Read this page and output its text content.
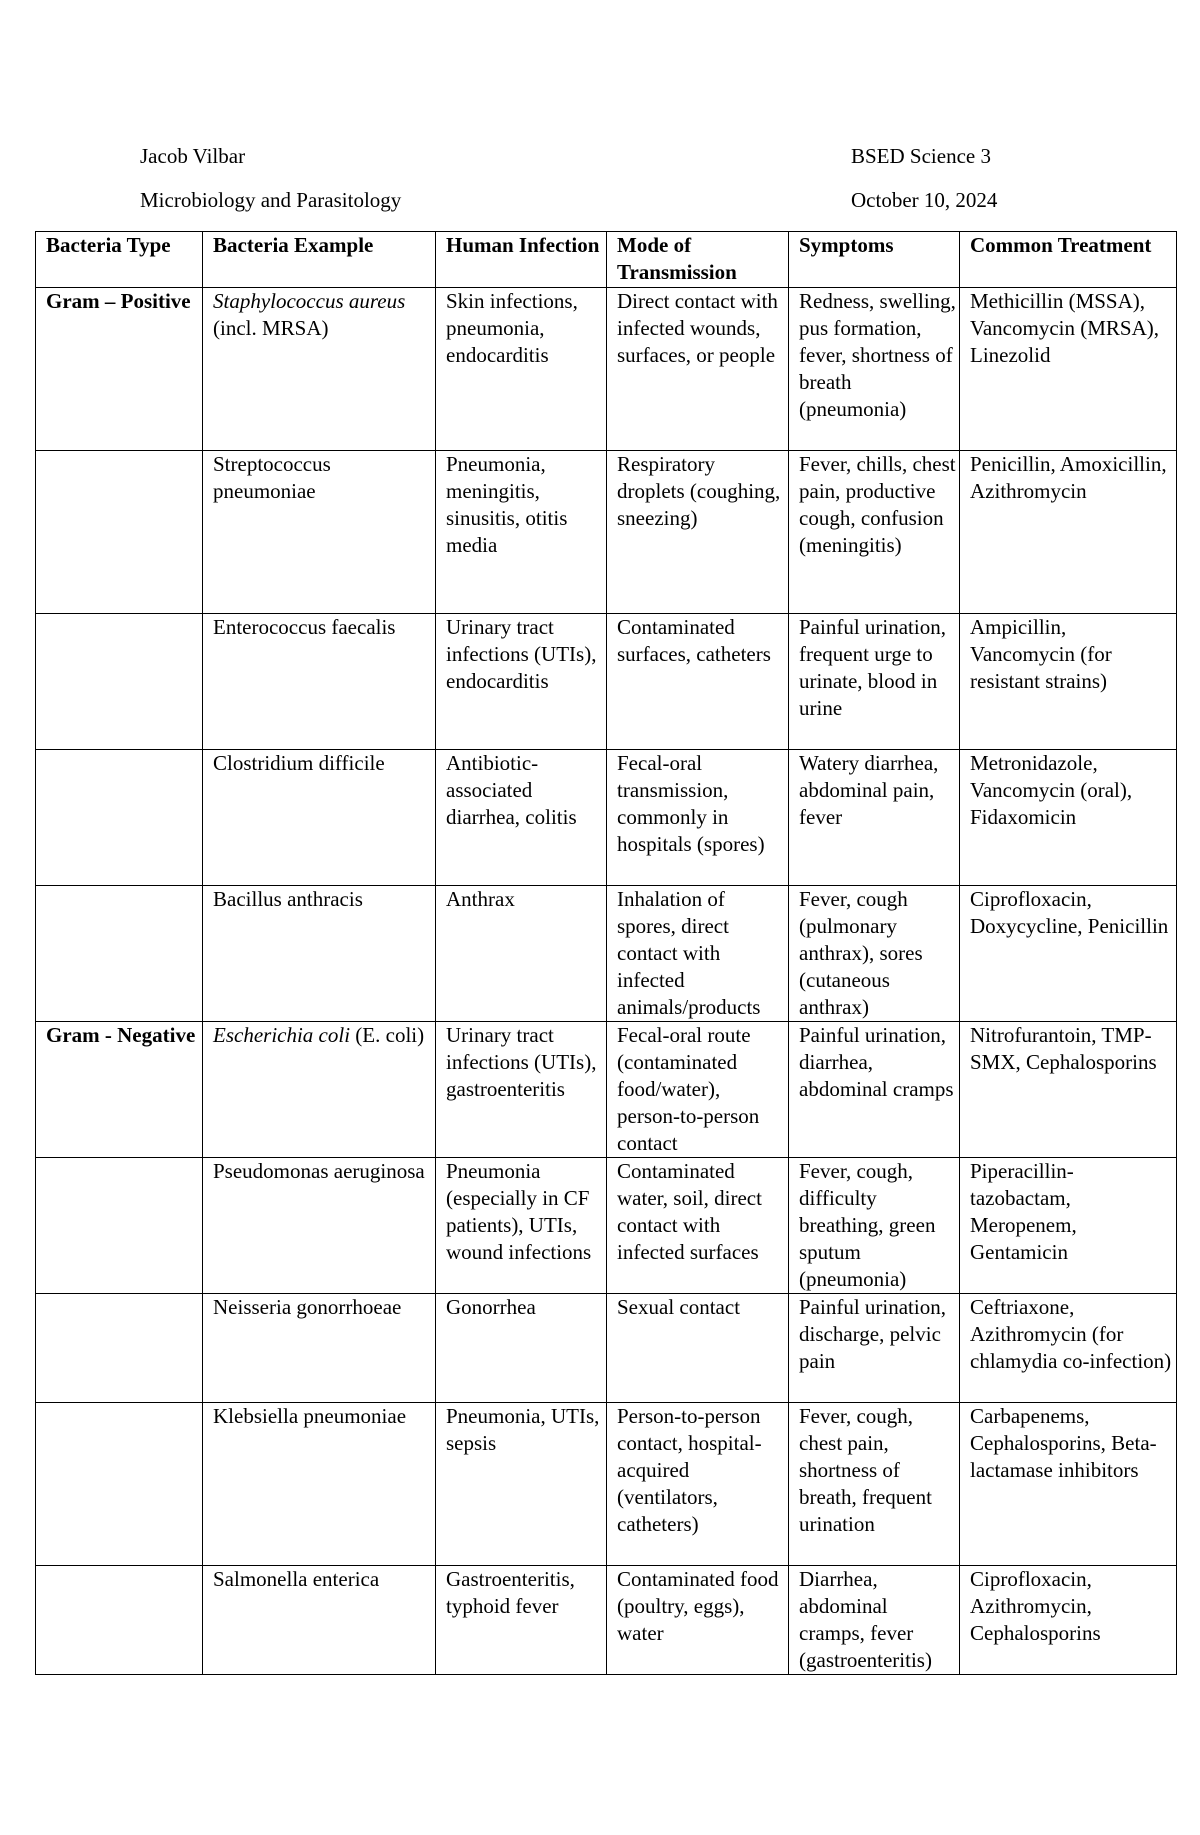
Jacob Vilbar	BSED Science 3
Microbiology and Parasitology	October 10, 2024
Bacteria Type	Bacteria Example	Human Infection	Mode of Transmission	Symptoms	Common Treatment
Gram – Positive	Staphylococcus aureus (incl. MRSA)	Skin infections, pneumonia, endocarditis	Direct contact with infected wounds, surfaces, or people	Redness, swelling, pus formation, fever, shortness of breath (pneumonia)	Methicillin (MSSA), Vancomycin (MRSA), Linezolid
	Streptococcus pneumoniae	Pneumonia, meningitis, sinusitis, otitis media	Respiratory droplets (coughing, sneezing)	Fever, chills, chest pain, productive cough, confusion (meningitis)	Penicillin, Amoxicillin, Azithromycin
	Enterococcus faecalis	Urinary tract infections (UTIs), endocarditis	Contaminated surfaces, catheters	Painful urination, frequent urge to urinate, blood in urine	Ampicillin, Vancomycin (for resistant strains)
	Clostridium difficile	Antibiotic-associated diarrhea, colitis	Fecal-oral transmission, commonly in hospitals (spores)	Watery diarrhea, abdominal pain, fever	Metronidazole, Vancomycin (oral), Fidaxomicin
	Bacillus anthracis	Anthrax	Inhalation of spores, direct contact with infected animals/products	Fever, cough (pulmonary anthrax), sores (cutaneous anthrax)	Ciprofloxacin, Doxycycline, Penicillin
Gram - Negative	Escherichia coli (E. coli)	Urinary tract infections (UTIs), gastroenteritis	Fecal-oral route (contaminated food/water), person-to-person contact	Painful urination, diarrhea, abdominal cramps	Nitrofurantoin, TMP-SMX, Cephalosporins
	Pseudomonas aeruginosa	Pneumonia (especially in CF patients), UTIs, wound infections	Contaminated water, soil, direct contact with infected surfaces	Fever, cough, difficulty breathing, green sputum (pneumonia)	Piperacillin-tazobactam, Meropenem, Gentamicin
	Neisseria gonorrhoeae	Gonorrhea	Sexual contact	Painful urination, discharge, pelvic pain	Ceftriaxone, Azithromycin (for chlamydia co-infection)
	Klebsiella pneumoniae	Pneumonia, UTIs, sepsis	Person-to-person contact, hospital-acquired (ventilators, catheters)	Fever, cough, chest pain, shortness of breath, frequent urination	Carbapenems, Cephalosporins, Beta-lactamase inhibitors
	Salmonella enterica	Gastroenteritis, typhoid fever	Contaminated food (poultry, eggs), water	Diarrhea, abdominal cramps, fever (gastroenteritis)	Ciprofloxacin, Azithromycin, Cephalosporins
